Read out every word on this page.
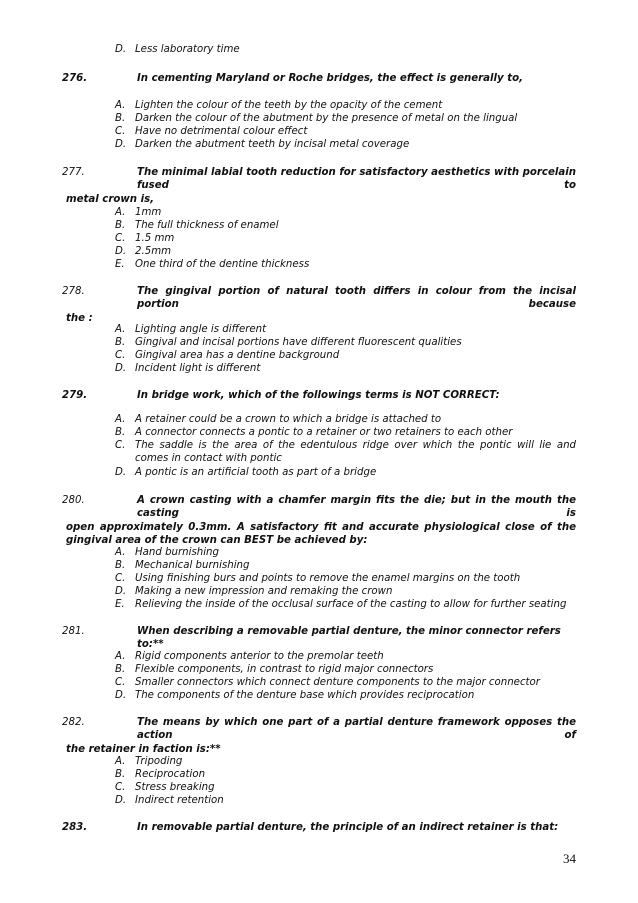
D. Less laboratory time
276.	In cementing Maryland or Roche bridges, the effect is generally to,
A. Lighten the colour of the teeth by the opacity of the cement
B. Darken the colour of the abutment by the presence of metal on the lingual
C. Have no detrimental colour effect
D. Darken the abutment teeth by incisal metal coverage
277.	The minimal labial tooth reduction for satisfactory aesthetics with porcelain fused to
metal crown is,
A. 1mm
B. The full thickness of enamel
C. 1.5 mm
D. 2.5mm
E.	One third of the dentine thickness
278.	The gingival portion of natural tooth differs in colour from the incisal portion because
the :
A. Lighting angle is different
B. Gingival and incisal portions have different fluorescent qualities
C. Gingival area has a dentine background
D. Incident light is different
279.	In bridge work, which of the followings terms is NOT CORRECT:
A. A retainer could be a crown to which a bridge is attached to
B. A connector connects a pontic to a retainer or two retainers to each other
C. The saddle is the area of the edentulous ridge over which the pontic will lie and comes in contact with pontic
D. A pontic is an artificial tooth as part of a bridge
280.	A crown casting with a chamfer margin fits the die; but in the mouth the casting is
open approximately 0.3mm. A satisfactory fit and accurate physiological close of the gingival area of the crown can BEST be achieved by:
A. Hand burnishing
B. Mechanical burnishing
C. Using finishing burs and points to remove the enamel margins on the tooth
D. Making a new impression and remaking the crown
E.	Relieving the inside of the occlusal surface of the casting to allow for further seating
281.	When describing a removable partial denture, the minor connector refers to:**
A. Rigid components anterior to the premolar teeth
B. Flexible components, in contrast to rigid major connectors
C. Smaller connectors which connect denture components to the major connector
D. The components of the denture base which provides reciprocation
282.	The means by which one part of a partial denture framework opposes the action of
the retainer in faction is:**
A. Tripoding
B. Reciprocation
C. Stress breaking
D. Indirect retention
283.	In removable partial denture, the principle of an indirect retainer is that:
34
